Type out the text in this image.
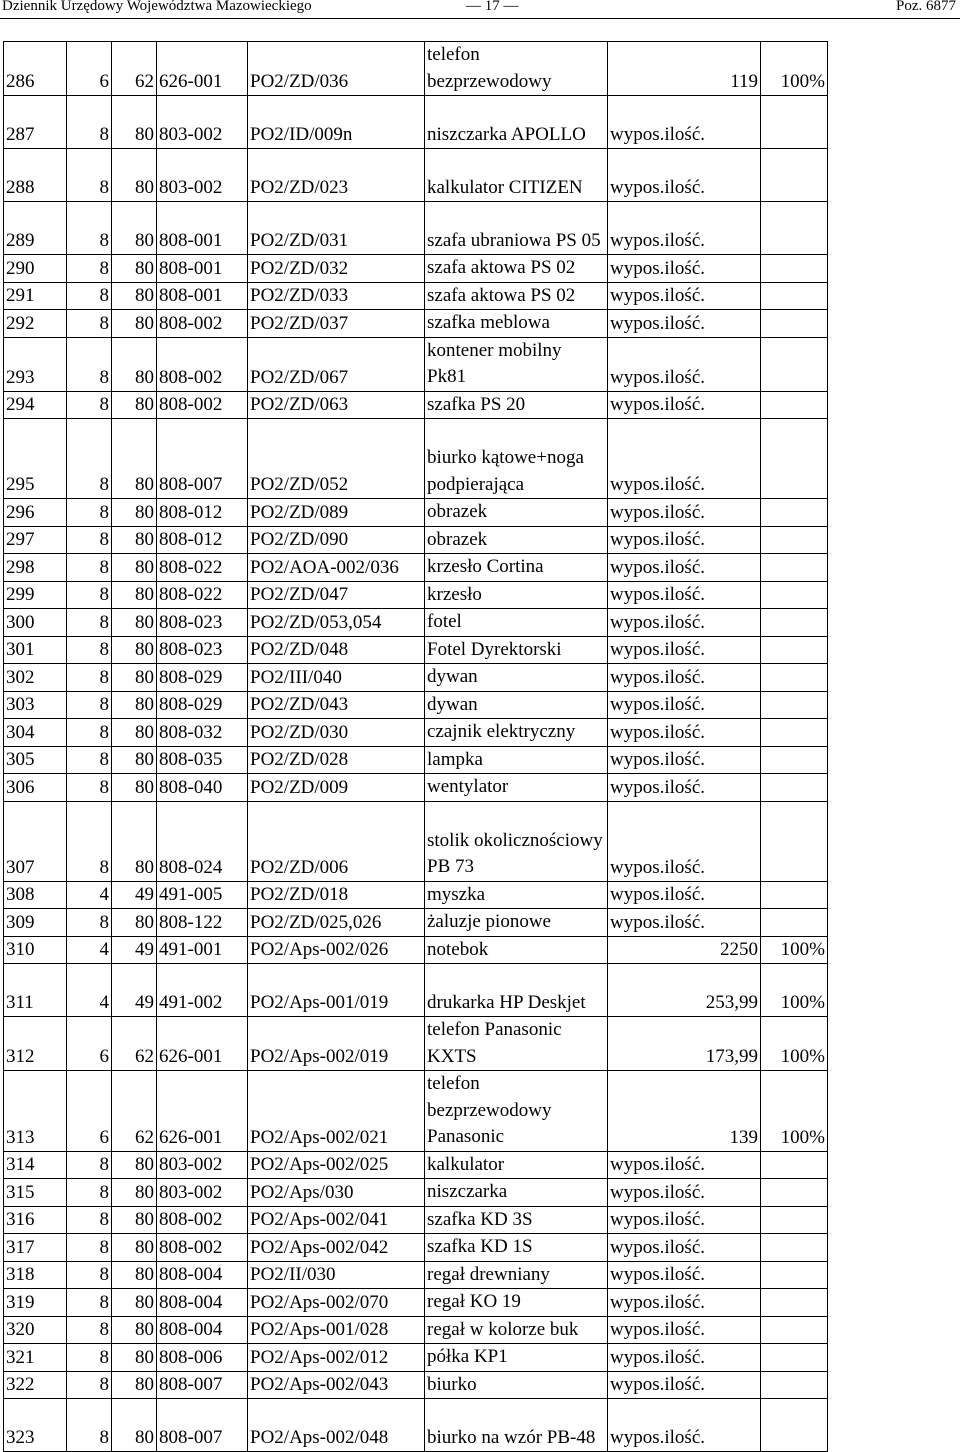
Dziennik Urzędowy Województwa Mazowieckiego	— 17 —	Poz. 6877
286	6	62	626-001	PO2/ZD/036	telefon bezprzewodowy	119	100%
287	8	80	803-002	PO2/ID/009n	niszczarka APOLLO	wypos.ilość.	
288	8	80	803-002	PO2/ZD/023	kalkulator CITIZEN	wypos.ilość.	
289	8	80	808-001	PO2/ZD/031	szafa ubraniowa PS 05	wypos.ilość.	
290	8	80	808-001	PO2/ZD/032	szafa aktowa PS 02	wypos.ilość.	
291	8	80	808-001	PO2/ZD/033	szafa aktowa PS 02	wypos.ilość.	
292	8	80	808-002	PO2/ZD/037	szafka meblowa	wypos.ilość.	
293	8	80	808-002	PO2/ZD/067	kontener mobilny Pk81	wypos.ilość.	
294	8	80	808-002	PO2/ZD/063	szafka PS 20	wypos.ilość.	
295	8	80	808-007	PO2/ZD/052	biurko kątowe+noga podpierająca	wypos.ilość.	
296	8	80	808-012	PO2/ZD/089	obrazek	wypos.ilość.	
297	8	80	808-012	PO2/ZD/090	obrazek	wypos.ilość.	
298	8	80	808-022	PO2/AOA-002/036	krzesło Cortina	wypos.ilość.	
299	8	80	808-022	PO2/ZD/047	krzesło	wypos.ilość.	
300	8	80	808-023	PO2/ZD/053,054	fotel	wypos.ilość.	
301	8	80	808-023	PO2/ZD/048	Fotel Dyrektorski	wypos.ilość.	
302	8	80	808-029	PO2/III/040	dywan	wypos.ilość.	
303	8	80	808-029	PO2/ZD/043	dywan	wypos.ilość.	
304	8	80	808-032	PO2/ZD/030	czajnik elektryczny	wypos.ilość.	
305	8	80	808-035	PO2/ZD/028	lampka	wypos.ilość.	
306	8	80	808-040	PO2/ZD/009	wentylator	wypos.ilość.	
307	8	80	808-024	PO2/ZD/006	stolik okolicznościowy PB 73	wypos.ilość.	
308	4	49	491-005	PO2/ZD/018	myszka	wypos.ilość.	
309	8	80	808-122	PO2/ZD/025,026	żaluzje pionowe	wypos.ilość.	
310	4	49	491-001	PO2/Aps-002/026	notebok	2250	100%
311	4	49	491-002	PO2/Aps-001/019	drukarka HP Deskjet	253,99	100%
312	6	62	626-001	PO2/Aps-002/019	telefon Panasonic KXTS	173,99	100%
313	6	62	626-001	PO2/Aps-002/021	telefon bezprzewodowy Panasonic	139	100%
314	8	80	803-002	PO2/Aps-002/025	kalkulator	wypos.ilość.	
315	8	80	803-002	PO2/Aps/030	niszczarka	wypos.ilość.	
316	8	80	808-002	PO2/Aps-002/041	szafka KD 3S	wypos.ilość.	
317	8	80	808-002	PO2/Aps-002/042	szafka KD 1S	wypos.ilość.	
318	8	80	808-004	PO2/II/030	regał drewniany	wypos.ilość.	
319	8	80	808-004	PO2/Aps-002/070	regał KO 19	wypos.ilość.	
320	8	80	808-004	PO2/Aps-001/028	regał w kolorze buk	wypos.ilość.	
321	8	80	808-006	PO2/Aps-002/012	półka KP1	wypos.ilość.	
322	8	80	808-007	PO2/Aps-002/043	biurko	wypos.ilość.	
323	8	80	808-007	PO2/Aps-002/048	biurko na wzór PB-48	wypos.ilość.	
